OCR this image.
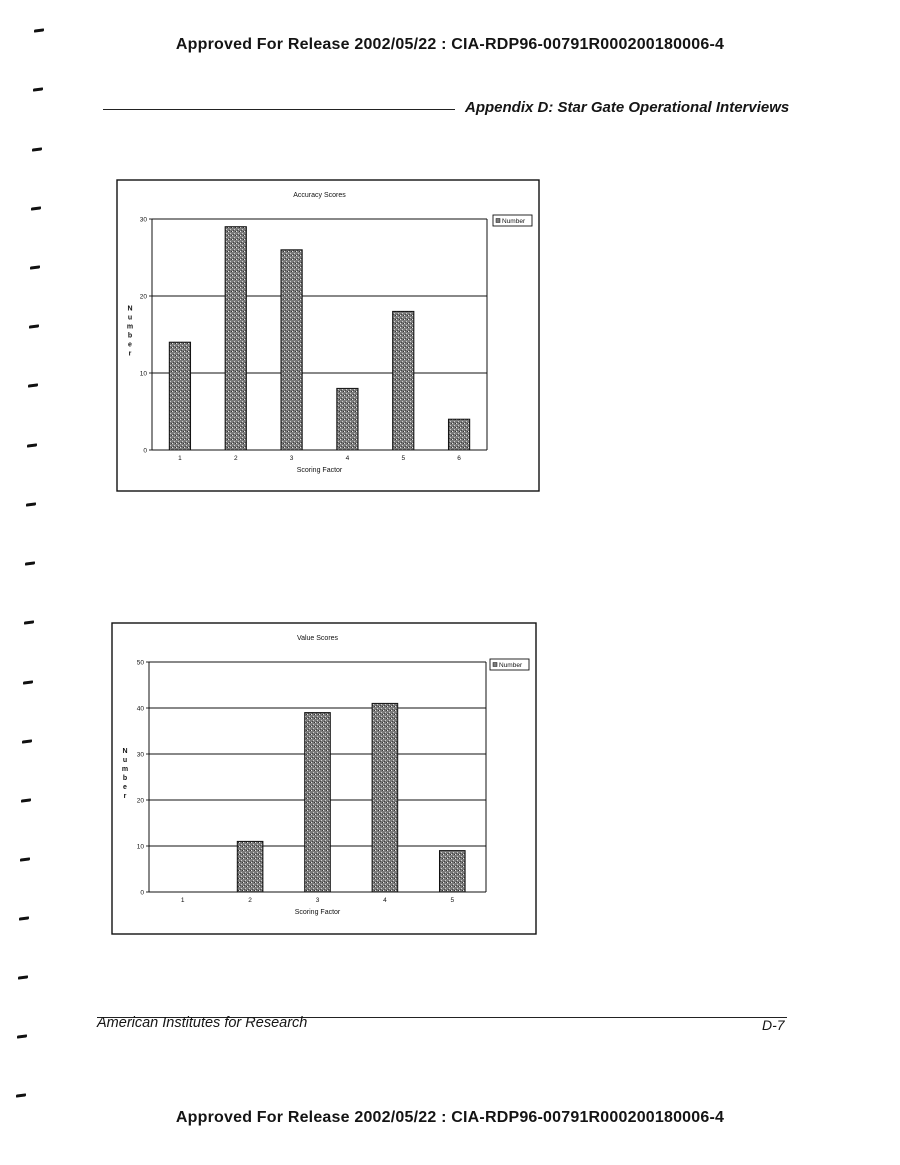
Approved For Release 2002/05/22 : CIA-RDP96-00791R000200180006-4
Appendix D: Star Gate Operational Interviews
Accuracy Scores
0
10
20
30
1	2	3	4	5	6
Scoring Factor
N
u
m
b
e
r
Number
Value Scores
0
10
20
30
40
50
1	2	3	4	5
Scoring Factor
N
u
m
b
e
r
Number
American Institutes for Research	D-7
Approved For Release 2002/05/22 : CIA-RDP96-00791R000200180006-4
